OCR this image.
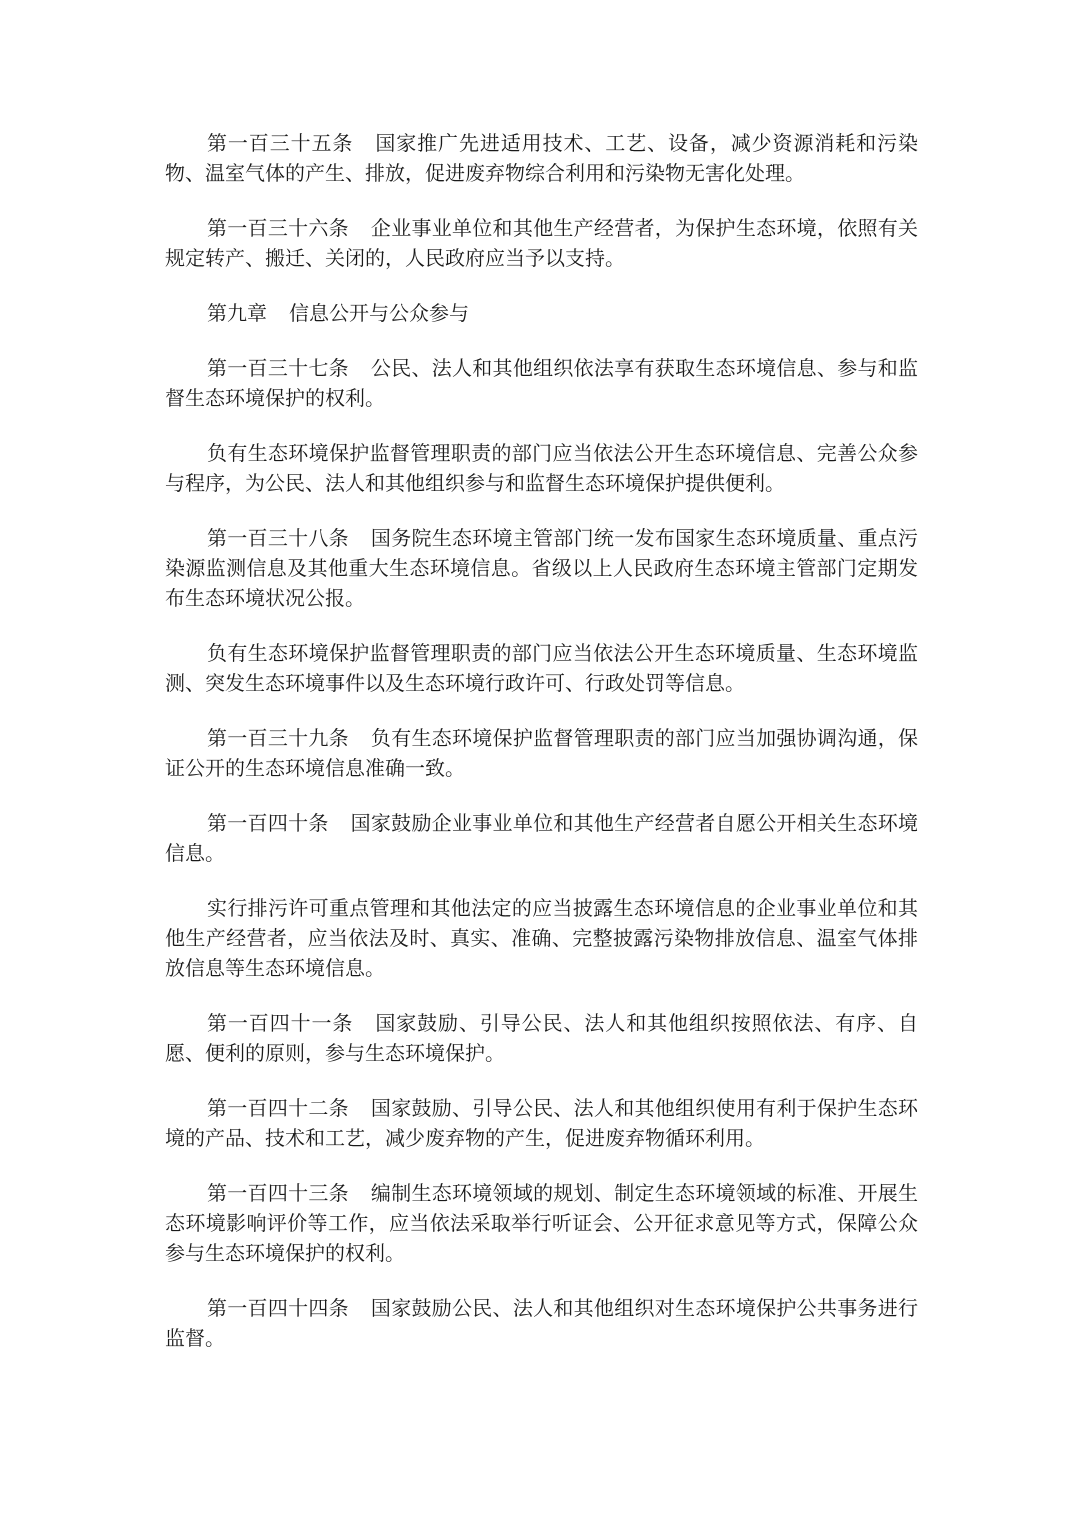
第一百三十五条 国家推广先进适用技术、工艺、设备，减少资源消耗和污染物、温室气体的产生、排放，促进废弃物综合利用和污染物无害化处理。

第一百三十六条 企业事业单位和其他生产经营者，为保护生态环境，依照有关规定转产、搬迁、关闭的，人民政府应当予以支持。

第九章 信息公开与公众参与

第一百三十七条 公民、法人和其他组织依法享有获取生态环境信息、参与和监督生态环境保护的权利。

负有生态环境保护监督管理职责的部门应当依法公开生态环境信息、完善公众参与程序，为公民、法人和其他组织参与和监督生态环境保护提供便利。

第一百三十八条 国务院生态环境主管部门统一发布国家生态环境质量、重点污染源监测信息及其他重大生态环境信息。省级以上人民政府生态环境主管部门定期发布生态环境状况公报。

负有生态环境保护监督管理职责的部门应当依法公开生态环境质量、生态环境监测、突发生态环境事件以及生态环境行政许可、行政处罚等信息。

第一百三十九条 负有生态环境保护监督管理职责的部门应当加强协调沟通，保证公开的生态环境信息准确一致。

第一百四十条 国家鼓励企业事业单位和其他生产经营者自愿公开相关生态环境信息。

实行排污许可重点管理和其他法定的应当披露生态环境信息的企业事业单位和其他生产经营者，应当依法及时、真实、准确、完整披露污染物排放信息、温室气体排放信息等生态环境信息。

第一百四十一条 国家鼓励、引导公民、法人和其他组织按照依法、有序、自愿、便利的原则，参与生态环境保护。

第一百四十二条 国家鼓励、引导公民、法人和其他组织使用有利于保护生态环境的产品、技术和工艺，减少废弃物的产生，促进废弃物循环利用。

第一百四十三条 编制生态环境领域的规划、制定生态环境领域的标准、开展生态环境影响评价等工作，应当依法采取举行听证会、公开征求意见等方式，保障公众参与生态环境保护的权利。

第一百四十四条 国家鼓励公民、法人和其他组织对生态环境保护公共事务进行监督。
